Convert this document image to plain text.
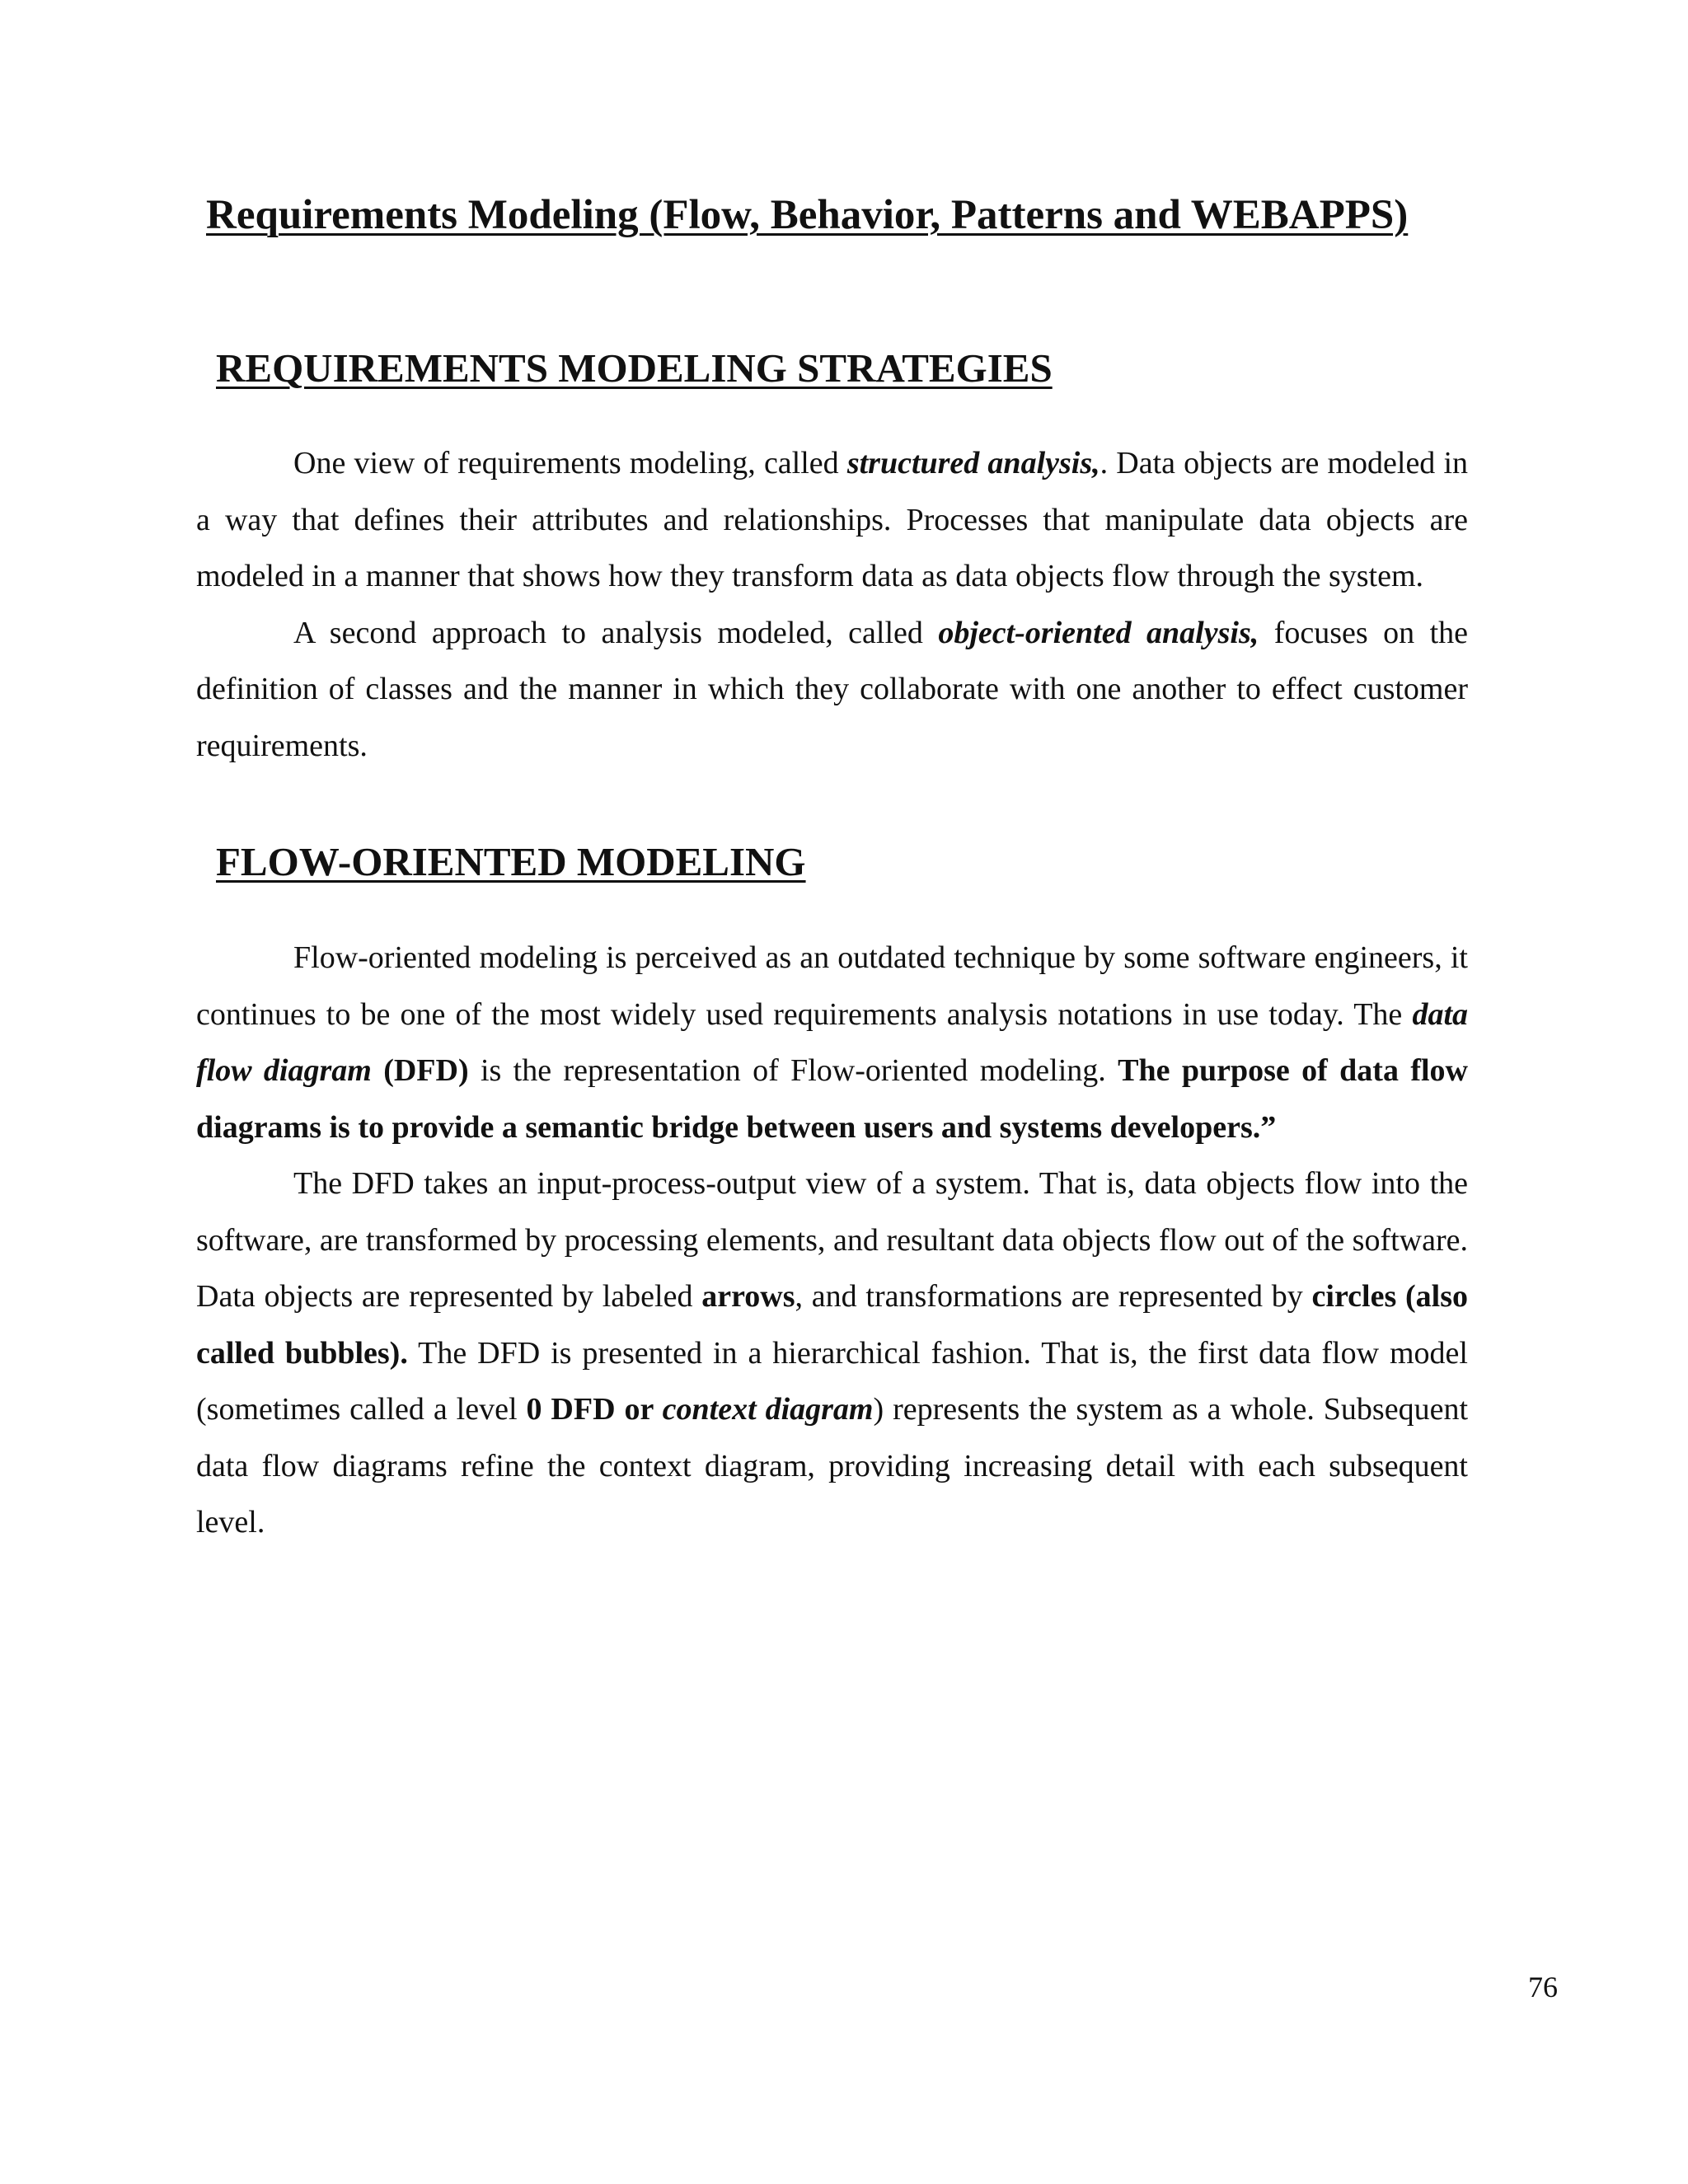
Requirements Modeling (Flow, Behavior, Patterns and WEBAPPS)
REQUIREMENTS MODELING STRATEGIES

One view of requirements modeling, called structured analysis,. Data objects are modeled in a way that defines their attributes and relationships. Processes that manipulate data objects are modeled in a manner that shows how they transform data as data objects flow through the system.

A second approach to analysis modeled, called object-oriented analysis, focuses on the definition of classes and the manner in which they collaborate with one another to effect customer requirements.

FLOW-ORIENTED MODELING

Flow-oriented modeling is perceived as an outdated technique by some software engineers, it continues to be one of the most widely used requirements analysis notations in use today. The data flow diagram (DFD) is the representation of Flow-oriented modeling. The purpose of data flow diagrams is to provide a semantic bridge between users and systems developers.”

The DFD takes an input-process-output view of a system. That is, data objects flow into the software, are transformed by processing elements, and resultant data objects flow out of the software. Data objects are represented by labeled arrows, and transformations are represented by circles (also called bubbles). The DFD is presented in a hierarchical fashion. That is, the first data flow model (sometimes called a level 0 DFD or context diagram) represents the system as a whole. Subsequent data flow diagrams refine the context diagram, providing increasing detail with each subsequent level.

76
